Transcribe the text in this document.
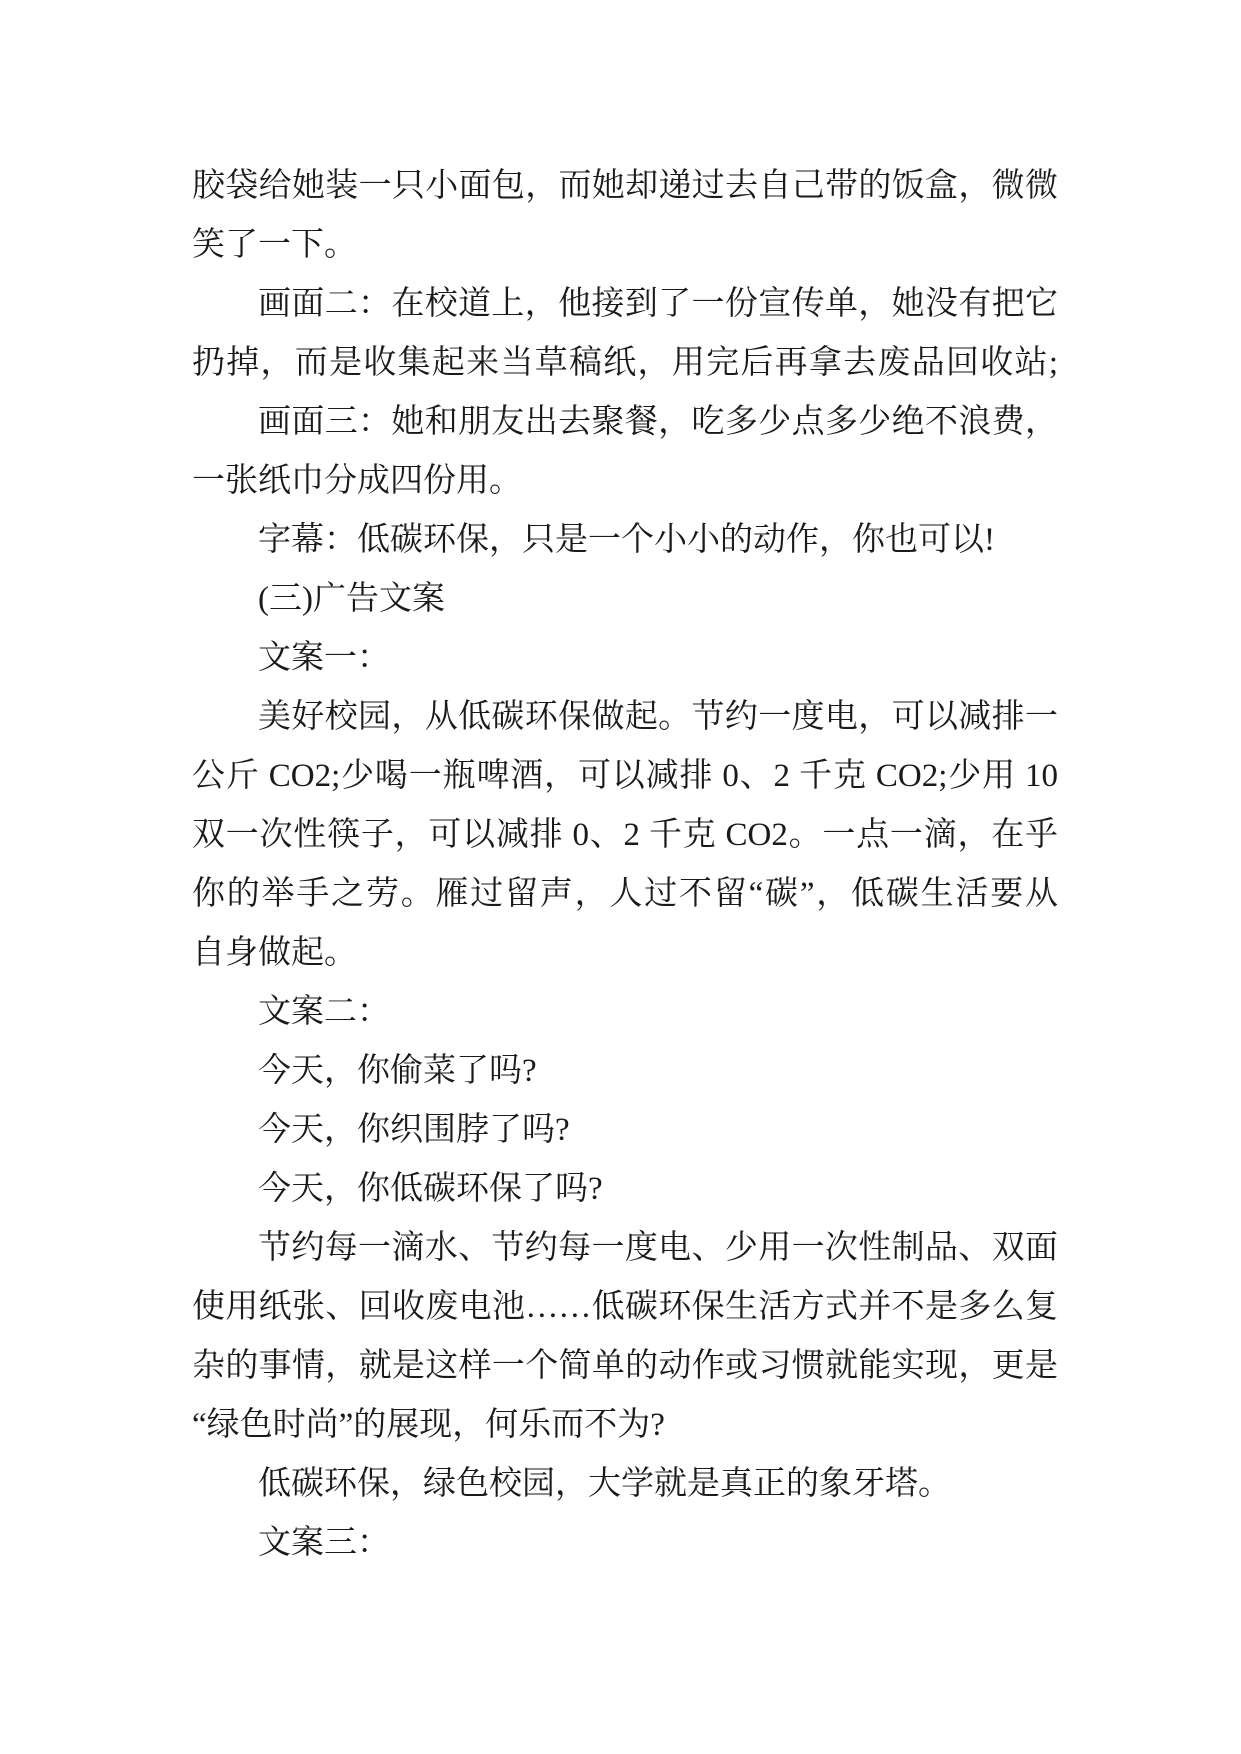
胶袋给她装一只小面包，而她却递过去自己带的饭盒，微微
笑了一下。
画面二：在校道上，他接到了一份宣传单，她没有把它
扔掉，而是收集起来当草稿纸，用完后再拿去废品回收站;
画面三：她和朋友出去聚餐，吃多少点多少绝不浪费，
一张纸巾分成四份用。
字幕：低碳环保，只是一个小小的动作，你也可以!
(三)广告文案
文案一：
美好校园，从低碳环保做起。节约一度电，可以减排一
公斤 CO2;少喝一瓶啤酒，可以减排 0、2 千克 CO2;少用 10
双一次性筷子，可以减排 0、2 千克 CO2。一点一滴，在乎
你的举手之劳。雁过留声，人过不留“碳”，低碳生活要从
自身做起。
文案二：
今天，你偷菜了吗?
今天，你织围脖了吗?
今天，你低碳环保了吗?
节约每一滴水、节约每一度电、少用一次性制品、双面
使用纸张、回收废电池……低碳环保生活方式并不是多么复
杂的事情，就是这样一个简单的动作或习惯就能实现，更是
“绿色时尚”的展现，何乐而不为?
低碳环保，绿色校园，大学就是真正的象牙塔。
文案三：
